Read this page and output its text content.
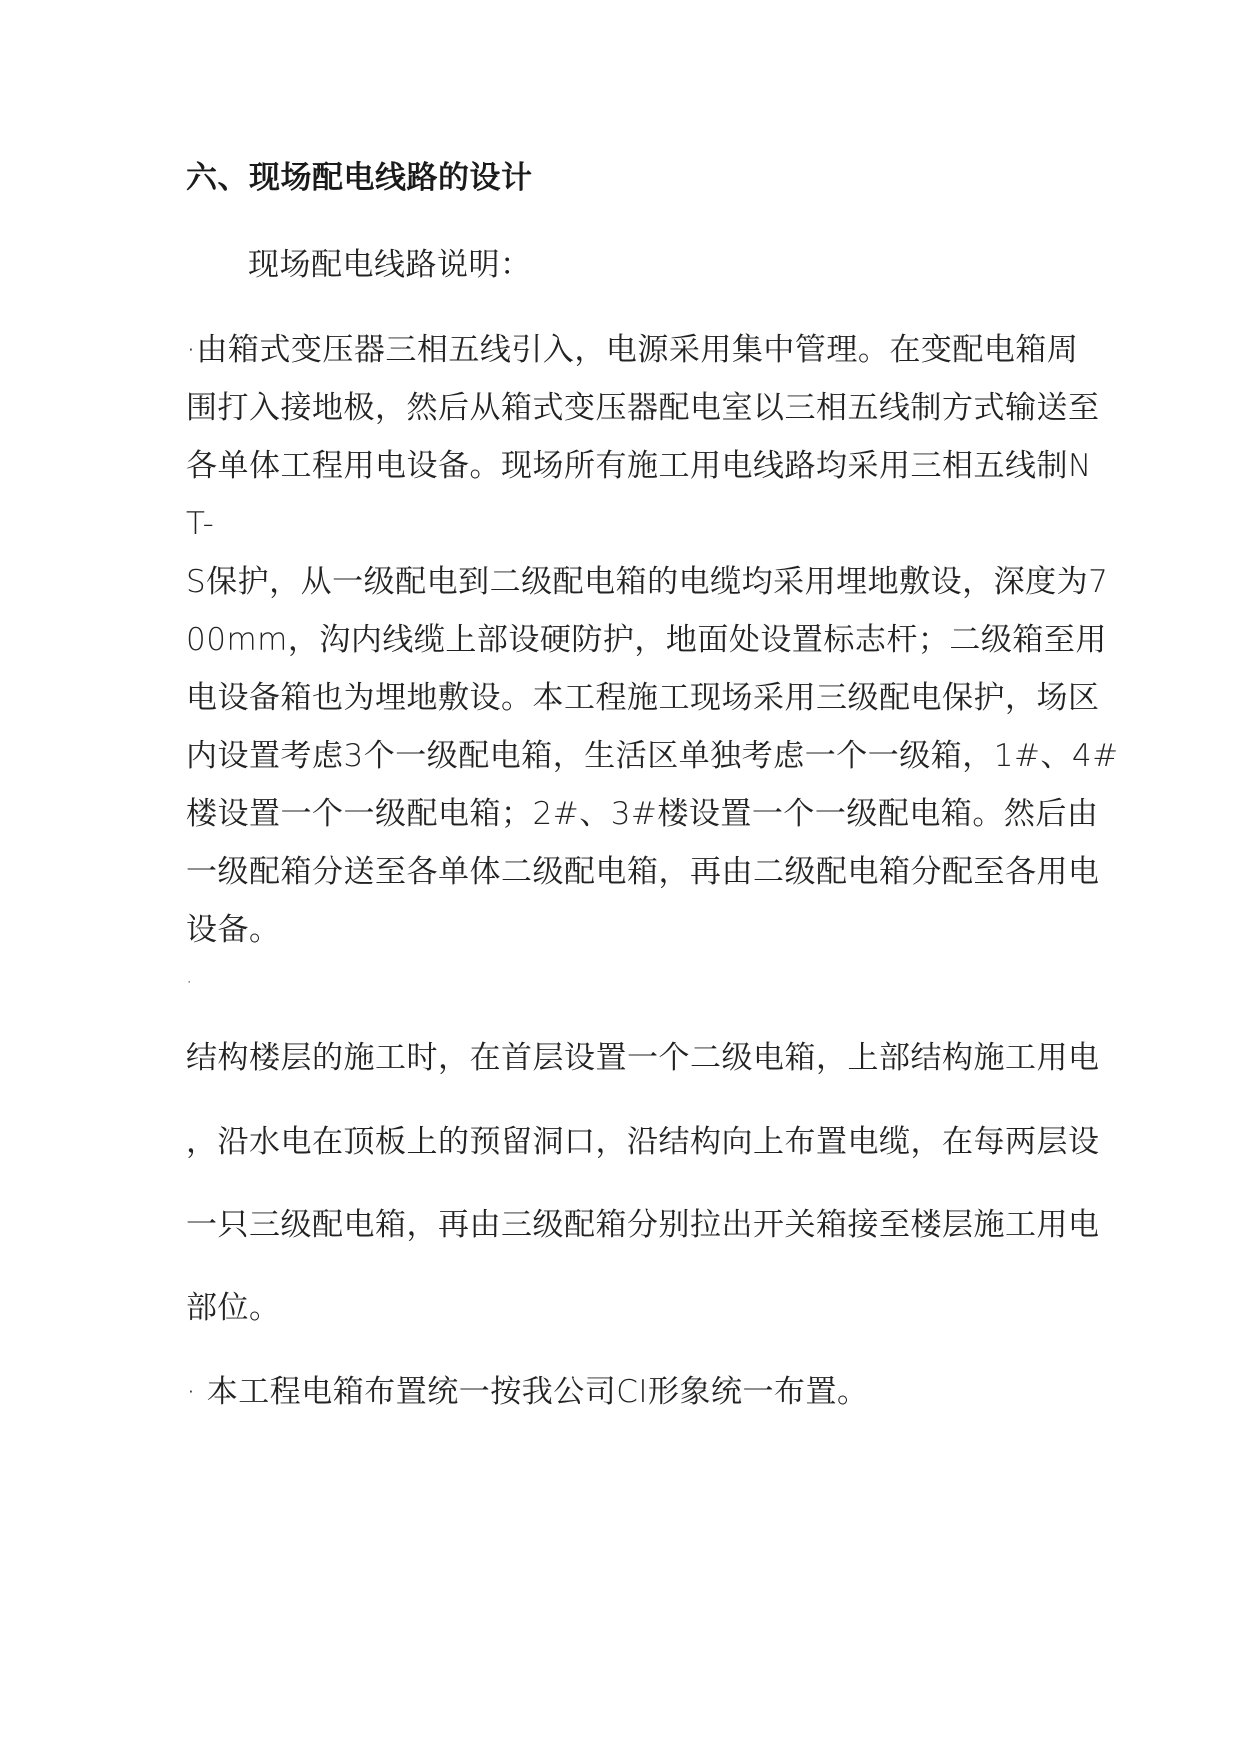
六、现场配电线路的设计
现场配电线路说明：
·由箱式变压器三相五线引入，电源采用集中管理。在变配电箱周
围打入接地极，然后从箱式变压器配电室以三相五线制方式输送至
各单体工程用电设备。现场所有施工用电线路均采用三相五线制N
T-
S保护，从一级配电到二级配电箱的电缆均采用埋地敷设，深度为7
00mm，沟内线缆上部设硬防护，地面处设置标志杆；二级箱至用
电设备箱也为埋地敷设。本工程施工现场采用三级配电保护，场区
内设置考虑3个一级配电箱，生活区单独考虑一个一级箱，1#、4#
楼设置一个一级配电箱；2#、3#楼设置一个一级配电箱。然后由
一级配箱分送至各单体二级配电箱，再由二级配电箱分配至各用电
设备。
·
结构楼层的施工时，在首层设置一个二级电箱，上部结构施工用电
，沿水电在顶板上的预留洞口，沿结构向上布置电缆，在每两层设
一只三级配电箱，再由三级配箱分别拉出开关箱接至楼层施工用电
部位。
· 本工程电箱布置统一按我公司CI形象统一布置。
